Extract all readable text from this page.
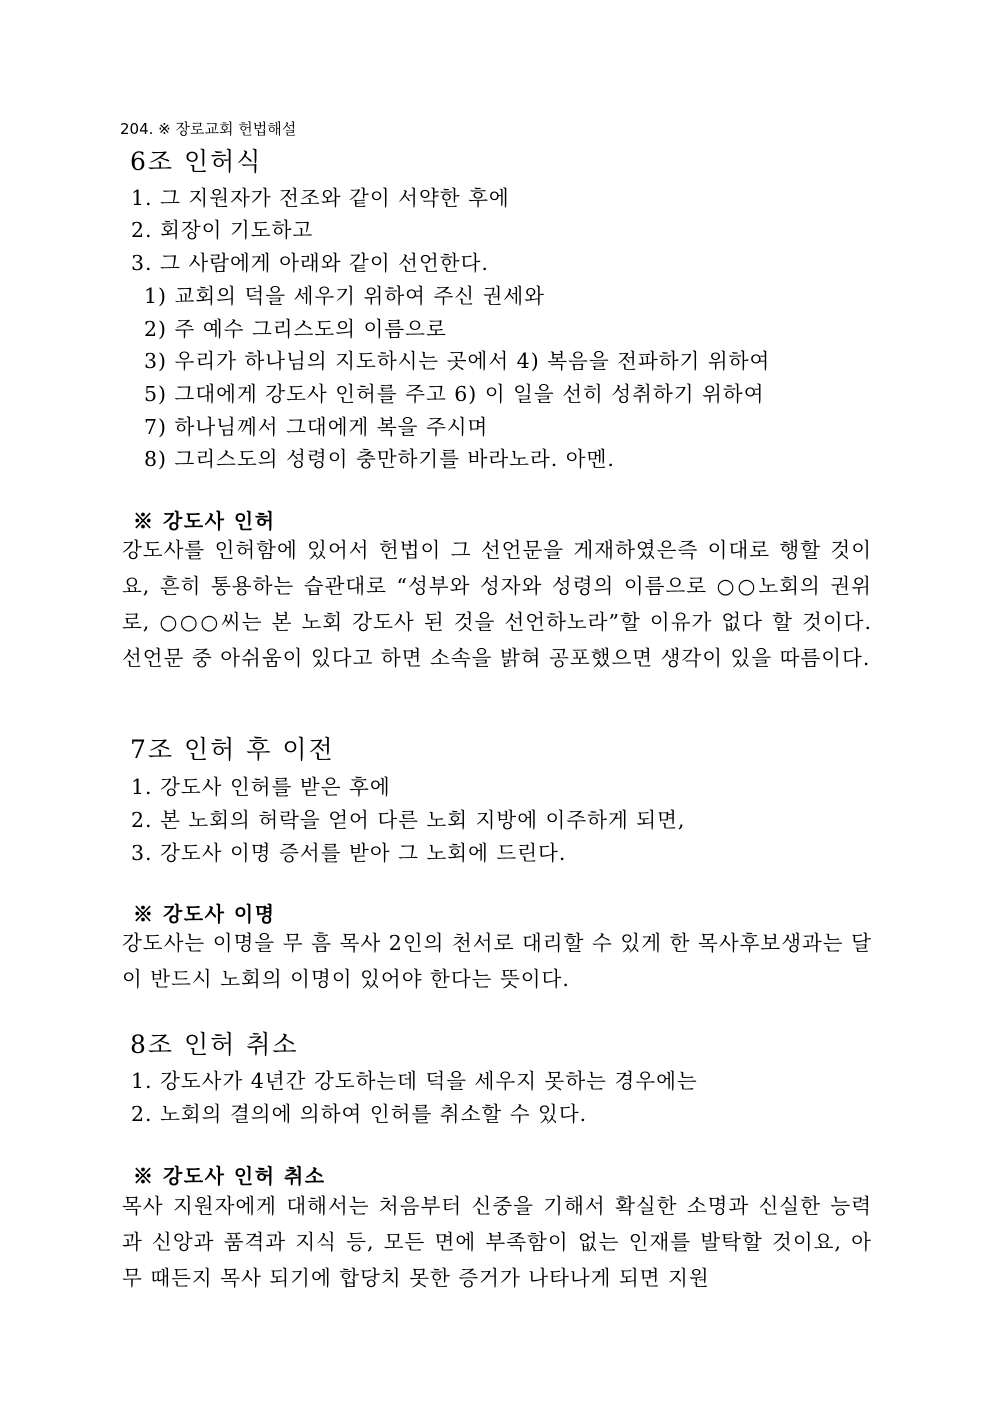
204. ※ 장로교회 헌법해설
6조 인허식
1. 그 지원자가 전조와 같이 서약한 후에
2. 회장이 기도하고
3. 그 사람에게 아래와 같이 선언한다.
1) 교회의 덕을 세우기 위하여 주신 권세와
2) 주 예수 그리스도의 이름으로
3) 우리가 하나님의 지도하시는 곳에서 4) 복음을 전파하기 위하여
5) 그대에게 강도사 인허를 주고 6) 이 일을 선히 성취하기 위하여
7) 하나님께서 그대에게 복을 주시며
8) 그리스도의 성령이 충만하기를 바라노라. 아멘.
※ 강도사 인허

강도사를 인허함에 있어서 헌법이 그 선언문을 게재하였은즉 이대로 행할 것이요, 흔히 통용하는 습관대로 “성부와 성자와 성령의 이름으로 ○○노회의 권위로, ○○○씨는 본 노회 강도사 된 것을 선언하노라”할 이유가 없다 할 것이다. 선언문 중 아쉬움이 있다고 하면 소속을 밝혀 공포했으면 생각이 있을 따름이다.

7조 인허 후 이전
1. 강도사 인허를 받은 후에
2. 본 노회의 허락을 얻어 다른 노회 지방에 이주하게 되면,
3. 강도사 이명 증서를 받아 그 노회에 드린다.
※ 강도사 이명

강도사는 이명을 무 흠 목사 2인의 천서로 대리할 수 있게 한 목사후보생과는 달이 반드시 노회의 이명이 있어야 한다는 뜻이다.

8조 인허 취소
1. 강도사가 4년간 강도하는데 덕을 세우지 못하는 경우에는
2. 노회의 결의에 의하여 인허를 취소할 수 있다.
※ 강도사 인허 취소

목사 지원자에게 대해서는 처음부터 신중을 기해서 확실한 소명과 신실한 능력과 신앙과 품격과 지식 등, 모든 면에 부족함이 없는 인재를 발탁할 것이요, 아무 때든지 목사 되기에 합당치 못한 증거가 나타나게 되면 지원
